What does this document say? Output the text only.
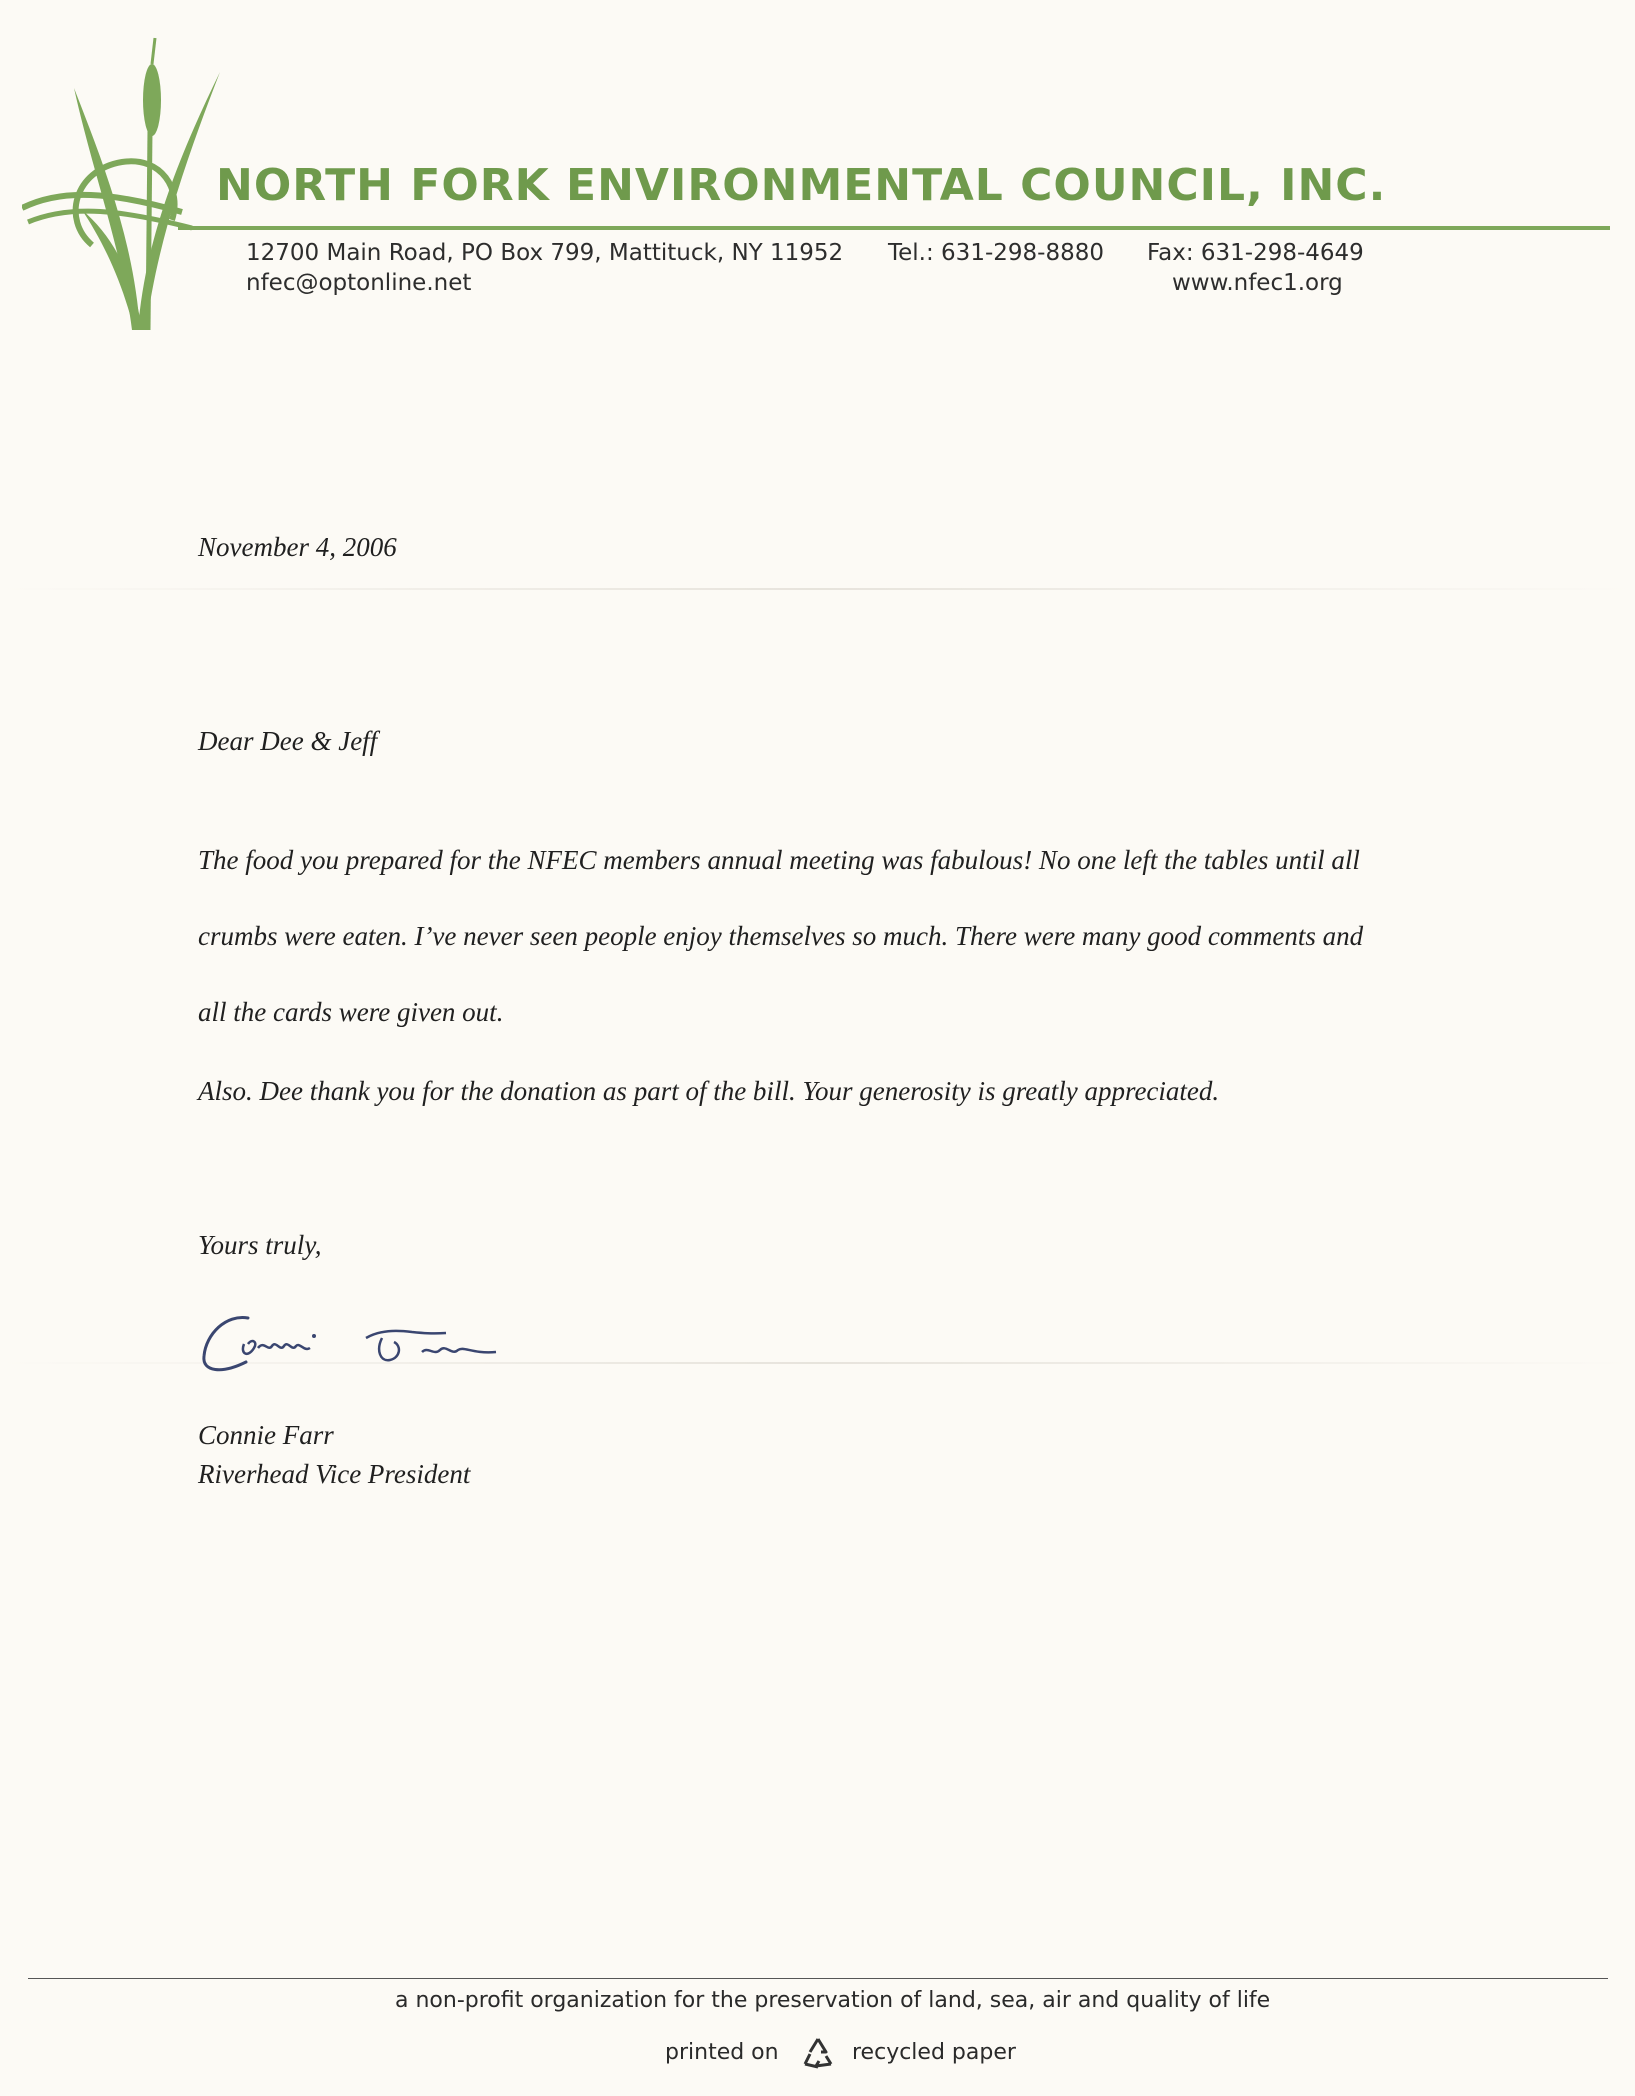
NORTH FORK ENVIRONMENTAL COUNCIL, INC.
12700 Main Road, PO Box 799, Mattituck, NY 11952 Tel.: 631-298-8880 Fax: 631-298-4649
nfec@optonline.net	www.nfec1.org
November 4, 2006
Dear Dee & Jeff
The food you prepared for the NFEC members annual meeting was fabulous! No one left the tables until all
crumbs were eaten. I’ve never seen people enjoy themselves so much. There were many good comments and
all the cards were given out.
Also. Dee thank you for the donation as part of the bill. Your generosity is greatly appreciated.
Yours truly,
Connie Farr
Riverhead Vice President
a non-profit organization for the preservation of land, sea, air and quality of life
printed on	recycled paper
